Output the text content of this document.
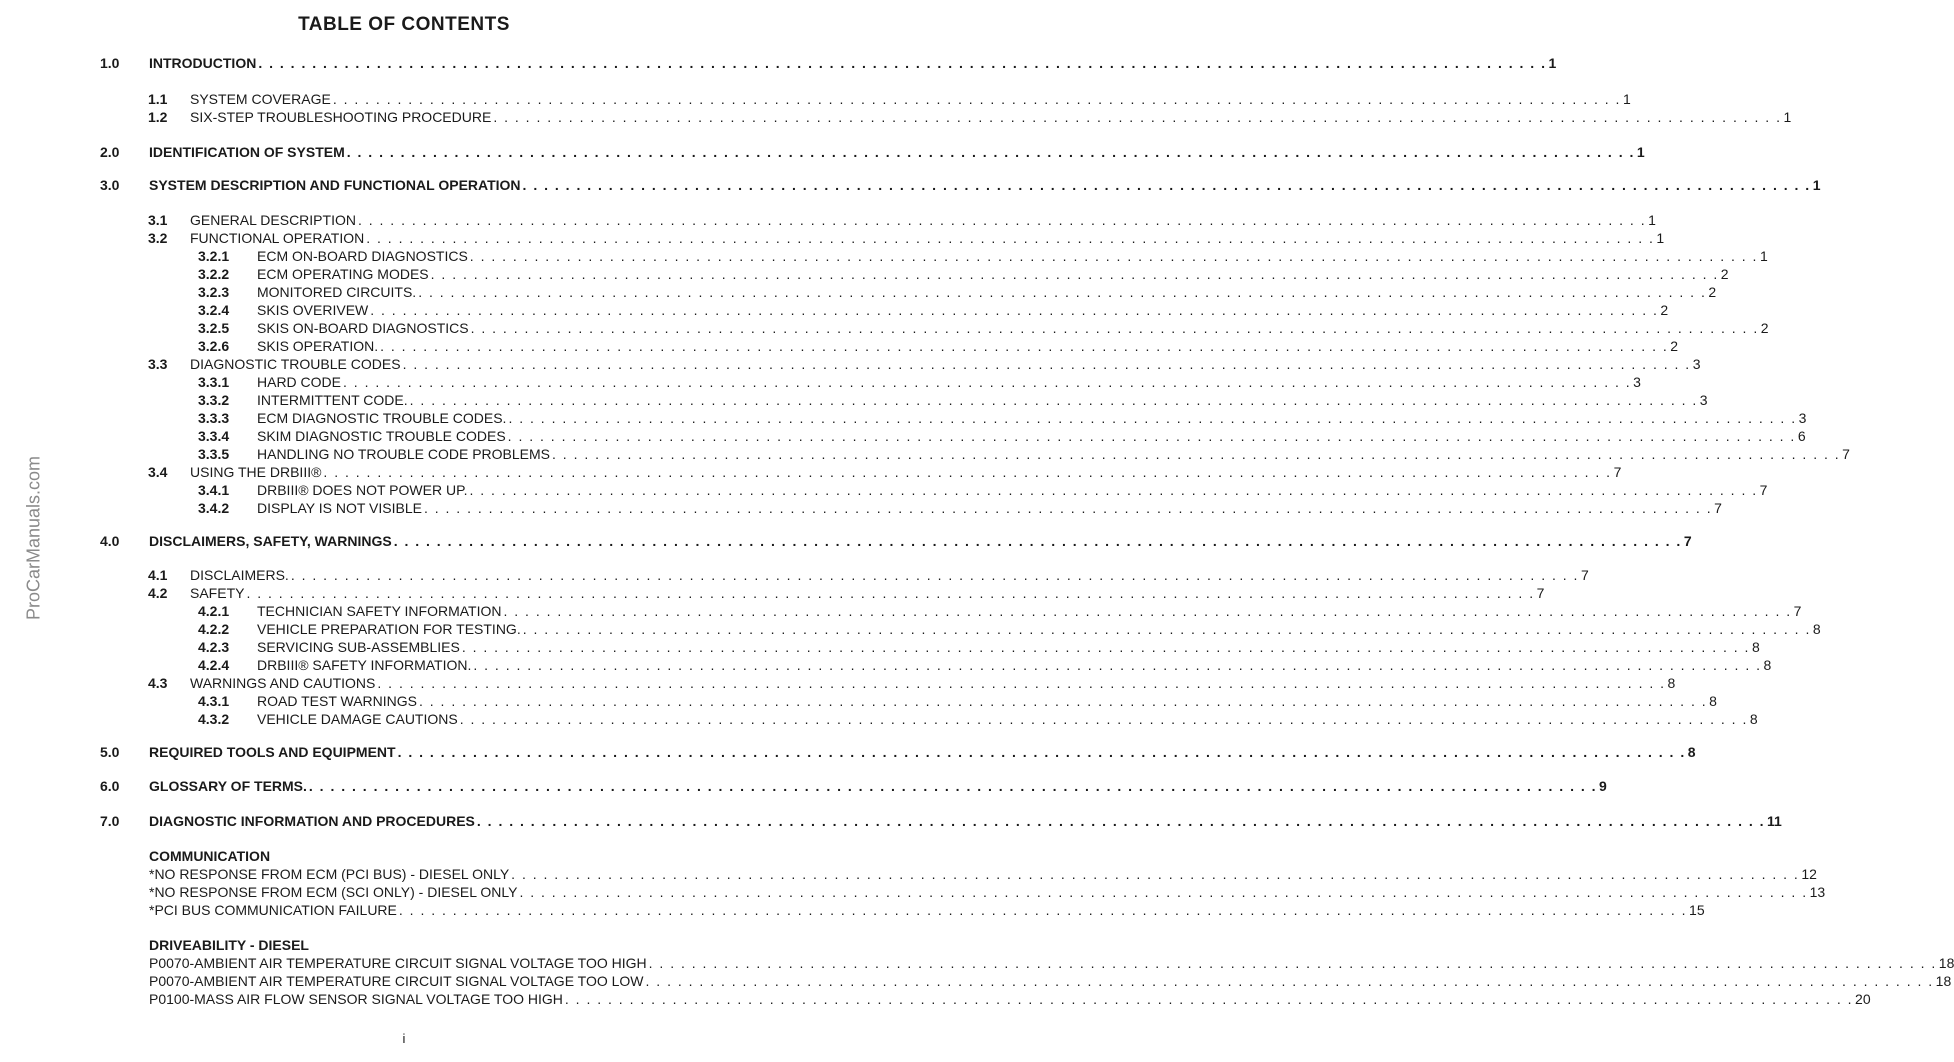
TABLE OF CONTENTS
ProCarManuals.com
1.0 INTRODUCTION . . . . . . . . . . . . . . . . . . . . . . . . . . . . . . . . . . . . . . . . . . . . . . . . . . . . . . . . . . . . . . . . . . . . . . . . . . . . . . . . . . . . . . . . . . . . . . . . . . . . . . . . . . . . . . . . . . . . . . . . 1
1.1 SYSTEM COVERAGE . . . . . . . . . . . . . . . . . . . . . . . . . . . . . . . . . . . . . . . . . . . . . . . . . . . . . . . . . . . . . . . . . . . . . . . . . . . . . . . . . . . . . . . . . . . . . . . . . . . . . . . . . . . . . . . . . . . . . . . . 1
1.2 SIX-STEP TROUBLESHOOTING PROCEDURE . . . . . . . . . . . . . . . . . . . . . . . . . . . . . . . . . . . . . . . . . . . . . . . . . . . . . . . . . . . . . . . . . . . . . . . . . . . . . . . . . . . . . . . . . . . . . . . . . . . . . . . . . . . . . . . . . . . . . . . . 1
2.0 IDENTIFICATION OF SYSTEM . . . . . . . . . . . . . . . . . . . . . . . . . . . . . . . . . . . . . . . . . . . . . . . . . . . . . . . . . . . . . . . . . . . . . . . . . . . . . . . . . . . . . . . . . . . . . . . . . . . . . . . . . . . . . . . . . . . . . . . . 1
3.0 SYSTEM DESCRIPTION AND FUNCTIONAL OPERATION . . . . . . . . . . . . . . . . . . . . . . . . . . . . . . . . . . . . . . . . . . . . . . . . . . . . . . . . . . . . . . . . . . . . . . . . . . . . . . . . . . . . . . . . . . . . . . . . . . . . . . . . . . . . . . . . . . . . . . . . 1
3.1 GENERAL DESCRIPTION . . . . . . . . . . . . . . . . . . . . . . . . . . . . . . . . . . . . . . . . . . . . . . . . . . . . . . . . . . . . . . . . . . . . . . . . . . . . . . . . . . . . . . . . . . . . . . . . . . . . . . . . . . . . . . . . . . . . . . . . 1
3.2 FUNCTIONAL OPERATION . . . . . . . . . . . . . . . . . . . . . . . . . . . . . . . . . . . . . . . . . . . . . . . . . . . . . . . . . . . . . . . . . . . . . . . . . . . . . . . . . . . . . . . . . . . . . . . . . . . . . . . . . . . . . . . . . . . . . . . . 1
3.2.1 ECM ON-BOARD DIAGNOSTICS . . . . . . . . . . . . . . . . . . . . . . . . . . . . . . . . . . . . . . . . . . . . . . . . . . . . . . . . . . . . . . . . . . . . . . . . . . . . . . . . . . . . . . . . . . . . . . . . . . . . . . . . . . . . . . . . . . . . . . . . 1
3.2.2 ECM OPERATING MODES . . . . . . . . . . . . . . . . . . . . . . . . . . . . . . . . . . . . . . . . . . . . . . . . . . . . . . . . . . . . . . . . . . . . . . . . . . . . . . . . . . . . . . . . . . . . . . . . . . . . . . . . . . . . . . . . . . . . . . . . 2
3.2.3 MONITORED CIRCUITS. . . . . . . . . . . . . . . . . . . . . . . . . . . . . . . . . . . . . . . . . . . . . . . . . . . . . . . . . . . . . . . . . . . . . . . . . . . . . . . . . . . . . . . . . . . . . . . . . . . . . . . . . . . . . . . . . . . . . . . . . 2
3.2.4 SKIS OVERIVEW . . . . . . . . . . . . . . . . . . . . . . . . . . . . . . . . . . . . . . . . . . . . . . . . . . . . . . . . . . . . . . . . . . . . . . . . . . . . . . . . . . . . . . . . . . . . . . . . . . . . . . . . . . . . . . . . . . . . . . . . 2
3.2.5 SKIS ON-BOARD DIAGNOSTICS . . . . . . . . . . . . . . . . . . . . . . . . . . . . . . . . . . . . . . . . . . . . . . . . . . . . . . . . . . . . . . . . . . . . . . . . . . . . . . . . . . . . . . . . . . . . . . . . . . . . . . . . . . . . . . . . . . . . . . . . 2
3.2.6 SKIS OPERATION. . . . . . . . . . . . . . . . . . . . . . . . . . . . . . . . . . . . . . . . . . . . . . . . . . . . . . . . . . . . . . . . . . . . . . . . . . . . . . . . . . . . . . . . . . . . . . . . . . . . . . . . . . . . . . . . . . . . . . . . . 2
3.3 DIAGNOSTIC TROUBLE CODES . . . . . . . . . . . . . . . . . . . . . . . . . . . . . . . . . . . . . . . . . . . . . . . . . . . . . . . . . . . . . . . . . . . . . . . . . . . . . . . . . . . . . . . . . . . . . . . . . . . . . . . . . . . . . . . . . . . . . . . . 3
3.3.1 HARD CODE . . . . . . . . . . . . . . . . . . . . . . . . . . . . . . . . . . . . . . . . . . . . . . . . . . . . . . . . . . . . . . . . . . . . . . . . . . . . . . . . . . . . . . . . . . . . . . . . . . . . . . . . . . . . . . . . . . . . . . . . 3
3.3.2 INTERMITTENT CODE. . . . . . . . . . . . . . . . . . . . . . . . . . . . . . . . . . . . . . . . . . . . . . . . . . . . . . . . . . . . . . . . . . . . . . . . . . . . . . . . . . . . . . . . . . . . . . . . . . . . . . . . . . . . . . . . . . . . . . . . . 3
3.3.3 ECM DIAGNOSTIC TROUBLE CODES. . . . . . . . . . . . . . . . . . . . . . . . . . . . . . . . . . . . . . . . . . . . . . . . . . . . . . . . . . . . . . . . . . . . . . . . . . . . . . . . . . . . . . . . . . . . . . . . . . . . . . . . . . . . . . . . . . . . . . . . . 3
3.3.4 SKIM DIAGNOSTIC TROUBLE CODES . . . . . . . . . . . . . . . . . . . . . . . . . . . . . . . . . . . . . . . . . . . . . . . . . . . . . . . . . . . . . . . . . . . . . . . . . . . . . . . . . . . . . . . . . . . . . . . . . . . . . . . . . . . . . . . . . . . . . . . . 6
3.3.5 HANDLING NO TROUBLE CODE PROBLEMS . . . . . . . . . . . . . . . . . . . . . . . . . . . . . . . . . . . . . . . . . . . . . . . . . . . . . . . . . . . . . . . . . . . . . . . . . . . . . . . . . . . . . . . . . . . . . . . . . . . . . . . . . . . . . . . . . . . . . . . . 7
3.4 USING THE DRBIII® . . . . . . . . . . . . . . . . . . . . . . . . . . . . . . . . . . . . . . . . . . . . . . . . . . . . . . . . . . . . . . . . . . . . . . . . . . . . . . . . . . . . . . . . . . . . . . . . . . . . . . . . . . . . . . . . . . . . . . . . 7
3.4.1 DRBIII® DOES NOT POWER UP. . . . . . . . . . . . . . . . . . . . . . . . . . . . . . . . . . . . . . . . . . . . . . . . . . . . . . . . . . . . . . . . . . . . . . . . . . . . . . . . . . . . . . . . . . . . . . . . . . . . . . . . . . . . . . . . . . . . . . . . . 7
3.4.2 DISPLAY IS NOT VISIBLE . . . . . . . . . . . . . . . . . . . . . . . . . . . . . . . . . . . . . . . . . . . . . . . . . . . . . . . . . . . . . . . . . . . . . . . . . . . . . . . . . . . . . . . . . . . . . . . . . . . . . . . . . . . . . . . . . . . . . . . . 7
4.0 DISCLAIMERS, SAFETY, WARNINGS . . . . . . . . . . . . . . . . . . . . . . . . . . . . . . . . . . . . . . . . . . . . . . . . . . . . . . . . . . . . . . . . . . . . . . . . . . . . . . . . . . . . . . . . . . . . . . . . . . . . . . . . . . . . . . . . . . . . . . . . 7
4.1 DISCLAIMERS. . . . . . . . . . . . . . . . . . . . . . . . . . . . . . . . . . . . . . . . . . . . . . . . . . . . . . . . . . . . . . . . . . . . . . . . . . . . . . . . . . . . . . . . . . . . . . . . . . . . . . . . . . . . . . . . . . . . . . . . . 7
4.2 SAFETY . . . . . . . . . . . . . . . . . . . . . . . . . . . . . . . . . . . . . . . . . . . . . . . . . . . . . . . . . . . . . . . . . . . . . . . . . . . . . . . . . . . . . . . . . . . . . . . . . . . . . . . . . . . . . . . . . . . . . . . . 7
4.2.1 TECHNICIAN SAFETY INFORMATION . . . . . . . . . . . . . . . . . . . . . . . . . . . . . . . . . . . . . . . . . . . . . . . . . . . . . . . . . . . . . . . . . . . . . . . . . . . . . . . . . . . . . . . . . . . . . . . . . . . . . . . . . . . . . . . . . . . . . . . . 7
4.2.2 VEHICLE PREPARATION FOR TESTING. . . . . . . . . . . . . . . . . . . . . . . . . . . . . . . . . . . . . . . . . . . . . . . . . . . . . . . . . . . . . . . . . . . . . . . . . . . . . . . . . . . . . . . . . . . . . . . . . . . . . . . . . . . . . . . . . . . . . . . . . 8
4.2.3 SERVICING SUB-ASSEMBLIES . . . . . . . . . . . . . . . . . . . . . . . . . . . . . . . . . . . . . . . . . . . . . . . . . . . . . . . . . . . . . . . . . . . . . . . . . . . . . . . . . . . . . . . . . . . . . . . . . . . . . . . . . . . . . . . . . . . . . . . . 8
4.2.4 DRBIII® SAFETY INFORMATION. . . . . . . . . . . . . . . . . . . . . . . . . . . . . . . . . . . . . . . . . . . . . . . . . . . . . . . . . . . . . . . . . . . . . . . . . . . . . . . . . . . . . . . . . . . . . . . . . . . . . . . . . . . . . . . . . . . . . . . . . 8
4.3 WARNINGS AND CAUTIONS . . . . . . . . . . . . . . . . . . . . . . . . . . . . . . . . . . . . . . . . . . . . . . . . . . . . . . . . . . . . . . . . . . . . . . . . . . . . . . . . . . . . . . . . . . . . . . . . . . . . . . . . . . . . . . . . . . . . . . . . 8
4.3.1 ROAD TEST WARNINGS . . . . . . . . . . . . . . . . . . . . . . . . . . . . . . . . . . . . . . . . . . . . . . . . . . . . . . . . . . . . . . . . . . . . . . . . . . . . . . . . . . . . . . . . . . . . . . . . . . . . . . . . . . . . . . . . . . . . . . . . 8
4.3.2 VEHICLE DAMAGE CAUTIONS . . . . . . . . . . . . . . . . . . . . . . . . . . . . . . . . . . . . . . . . . . . . . . . . . . . . . . . . . . . . . . . . . . . . . . . . . . . . . . . . . . . . . . . . . . . . . . . . . . . . . . . . . . . . . . . . . . . . . . . . 8
5.0 REQUIRED TOOLS AND EQUIPMENT . . . . . . . . . . . . . . . . . . . . . . . . . . . . . . . . . . . . . . . . . . . . . . . . . . . . . . . . . . . . . . . . . . . . . . . . . . . . . . . . . . . . . . . . . . . . . . . . . . . . . . . . . . . . . . . . . . . . . . . . 8
6.0 GLOSSARY OF TERMS. . . . . . . . . . . . . . . . . . . . . . . . . . . . . . . . . . . . . . . . . . . . . . . . . . . . . . . . . . . . . . . . . . . . . . . . . . . . . . . . . . . . . . . . . . . . . . . . . . . . . . . . . . . . . . . . . . . . . . . . . 9
7.0 DIAGNOSTIC INFORMATION AND PROCEDURES . . . . . . . . . . . . . . . . . . . . . . . . . . . . . . . . . . . . . . . . . . . . . . . . . . . . . . . . . . . . . . . . . . . . . . . . . . . . . . . . . . . . . . . . . . . . . . . . . . . . . . . . . . . . . . . . . . . . . . . . 11
COMMUNICATION
*NO RESPONSE FROM ECM (PCI BUS) - DIESEL ONLY . . . . . . . . . . . . . . . . . . . . . . . . . . . . . . . . . . . . . . . . . . . . . . . . . . . . . . . . . . . . . . . . . . . . . . . . . . . . . . . . . . . . . . . . . . . . . . . . . . . . . . . . . . . . . . . . . . . . . . . . 12
*NO RESPONSE FROM ECM (SCI ONLY) - DIESEL ONLY . . . . . . . . . . . . . . . . . . . . . . . . . . . . . . . . . . . . . . . . . . . . . . . . . . . . . . . . . . . . . . . . . . . . . . . . . . . . . . . . . . . . . . . . . . . . . . . . . . . . . . . . . . . . . . . . . . . . . . . . 13
*PCI BUS COMMUNICATION FAILURE . . . . . . . . . . . . . . . . . . . . . . . . . . . . . . . . . . . . . . . . . . . . . . . . . . . . . . . . . . . . . . . . . . . . . . . . . . . . . . . . . . . . . . . . . . . . . . . . . . . . . . . . . . . . . . . . . . . . . . . . 15
DRIVEABILITY - DIESEL
P0070-AMBIENT AIR TEMPERATURE CIRCUIT SIGNAL VOLTAGE TOO HIGH . . . . . . . . . . . . . . . . . . . . . . . . . . . . . . . . . . . . . . . . . . . . . . . . . . . . . . . . . . . . . . . . . . . . . . . . . . . . . . . . . . . . . . . . . . . . . . . . . . . . . . . . . . . . . . . . . . . . . . . . 18
P0070-AMBIENT AIR TEMPERATURE CIRCUIT SIGNAL VOLTAGE TOO LOW . . . . . . . . . . . . . . . . . . . . . . . . . . . . . . . . . . . . . . . . . . . . . . . . . . . . . . . . . . . . . . . . . . . . . . . . . . . . . . . . . . . . . . . . . . . . . . . . . . . . . . . . . . . . . . . . . . . . . . . . 18
P0100-MASS AIR FLOW SENSOR SIGNAL VOLTAGE TOO HIGH . . . . . . . . . . . . . . . . . . . . . . . . . . . . . . . . . . . . . . . . . . . . . . . . . . . . . . . . . . . . . . . . . . . . . . . . . . . . . . . . . . . . . . . . . . . . . . . . . . . . . . . . . . . . . . . . . . . . . . . . 20
i
